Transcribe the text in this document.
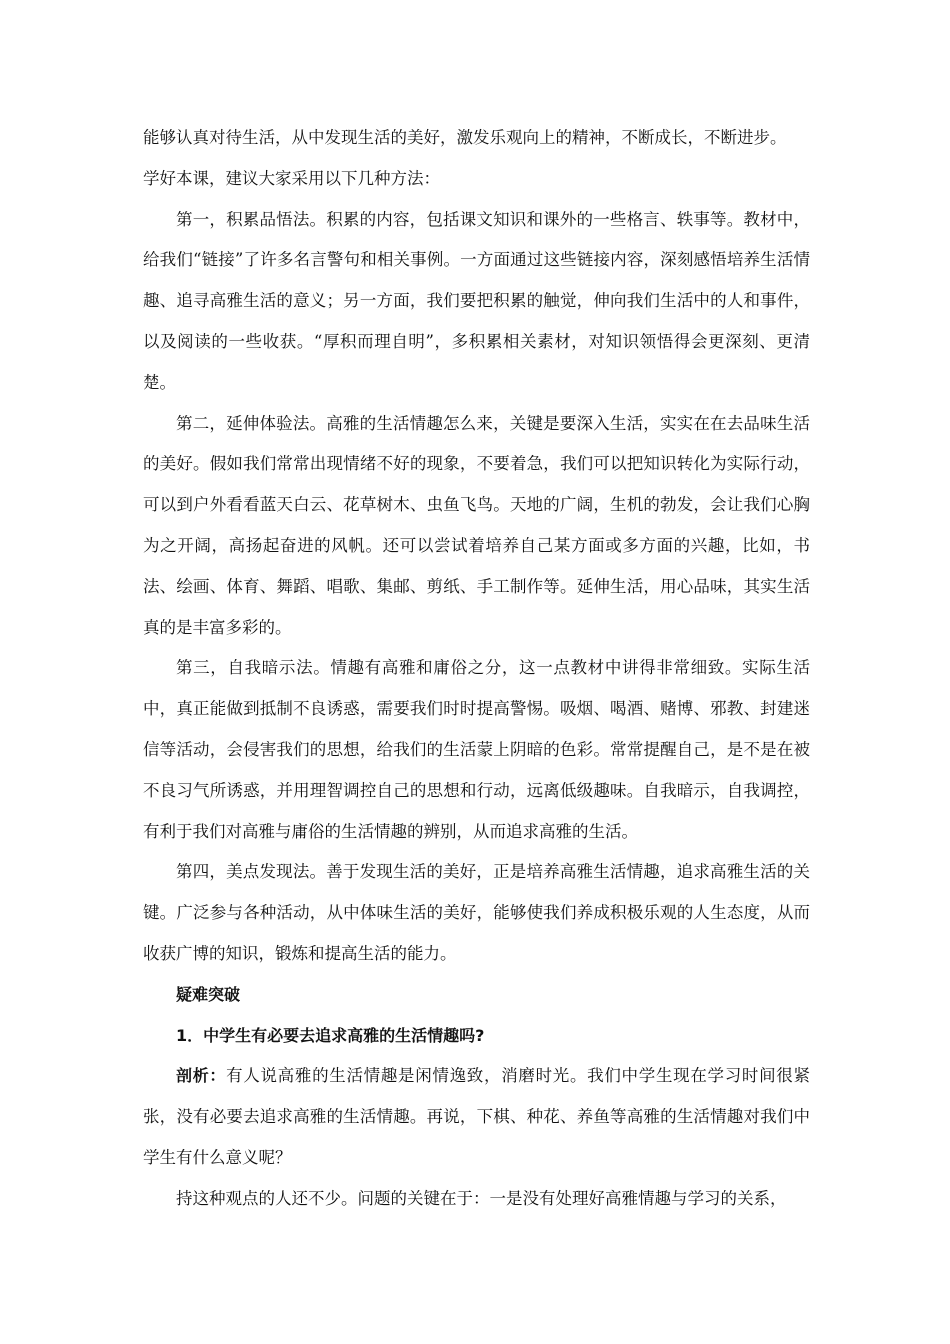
能够认真对待生活，从中发现生活的美好，激发乐观向上的精神，不断成长，不断进步。

学好本课，建议大家采用以下几种方法：

第一，积累品悟法。积累的内容，包括课文知识和课外的一些格言、轶事等。教材中，给我们“链接”了许多名言警句和相关事例。一方面通过这些链接内容，深刻感悟培养生活情趣、追寻高雅生活的意义；另一方面，我们要把积累的触觉，伸向我们生活中的人和事件，以及阅读的一些收获。“厚积而理自明”，多积累相关素材，对知识领悟得会更深刻、更清楚。

第二，延伸体验法。高雅的生活情趣怎么来，关键是要深入生活，实实在在去品味生活的美好。假如我们常常出现情绪不好的现象，不要着急，我们可以把知识转化为实际行动，可以到户外看看蓝天白云、花草树木、虫鱼飞鸟。天地的广阔，生机的勃发，会让我们心胸为之开阔，高扬起奋进的风帆。还可以尝试着培养自己某方面或多方面的兴趣，比如，书法、绘画、体育、舞蹈、唱歌、集邮、剪纸、手工制作等。延伸生活，用心品味，其实生活真的是丰富多彩的。

第三，自我暗示法。情趣有高雅和庸俗之分，这一点教材中讲得非常细致。实际生活中，真正能做到抵制不良诱惑，需要我们时时提高警惕。吸烟、喝酒、赌博、邪教、封建迷信等活动，会侵害我们的思想，给我们的生活蒙上阴暗的色彩。常常提醒自己，是不是在被不良习气所诱惑，并用理智调控自己的思想和行动，远离低级趣味。自我暗示，自我调控，有利于我们对高雅与庸俗的生活情趣的辨别，从而追求高雅的生活。

第四，美点发现法。善于发现生活的美好，正是培养高雅生活情趣，追求高雅生活的关键。广泛参与各种活动，从中体味生活的美好，能够使我们养成积极乐观的人生态度，从而收获广博的知识，锻炼和提高生活的能力。

疑难突破

1．中学生有必要去追求高雅的生活情趣吗?

剖析：有人说高雅的生活情趣是闲情逸致，消磨时光。我们中学生现在学习时间很紧张，没有必要去追求高雅的生活情趣。再说，下棋、种花、养鱼等高雅的生活情趣对我们中学生有什么意义呢？

持这种观点的人还不少。问题的关键在于：一是没有处理好高雅情趣与学习的关系，
